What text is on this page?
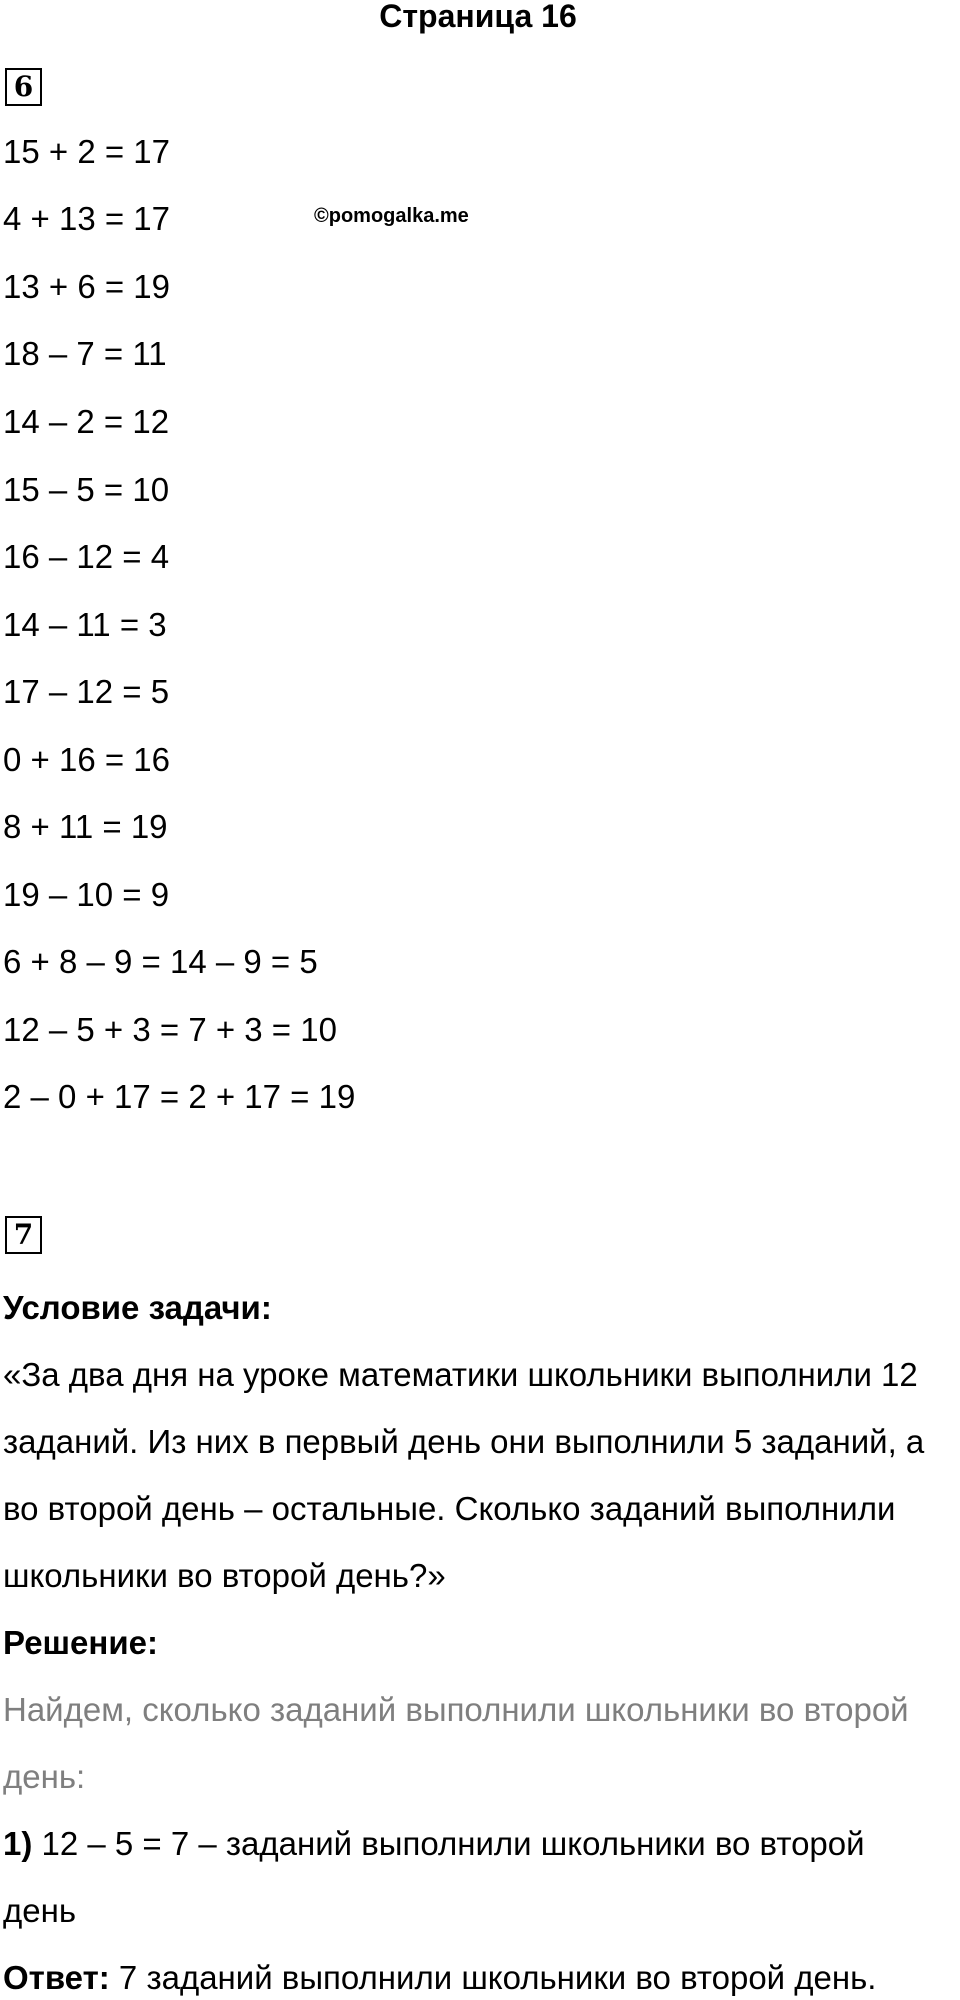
Страница 16
6
©pomogalka.me
15 + 2 = 17
4 + 13 = 17
13 + 6 = 19
18 – 7 = 11
14 – 2 = 12
15 – 5 = 10
16 – 12 = 4
14 – 11 = 3
17 – 12 = 5
0 + 16 = 16
8 + 11 = 19
19 – 10 = 9
6 + 8 – 9 = 14 – 9 = 5
12 – 5 + 3 = 7 + 3 = 10
2 – 0 + 17 = 2 + 17 = 19
7
Условие задачи:
«За два дня на уроке математики школьники выполнили 12
заданий. Из них в первый день они выполнили 5 заданий, а
во второй день – остальные. Сколько заданий выполнили
школьники во второй день?»
Решение:
Найдем, сколько заданий выполнили школьники во второй
день:
1) 12 – 5 = 7 – заданий выполнили школьники во второй
день
Ответ: 7 заданий выполнили школьники во второй день.
